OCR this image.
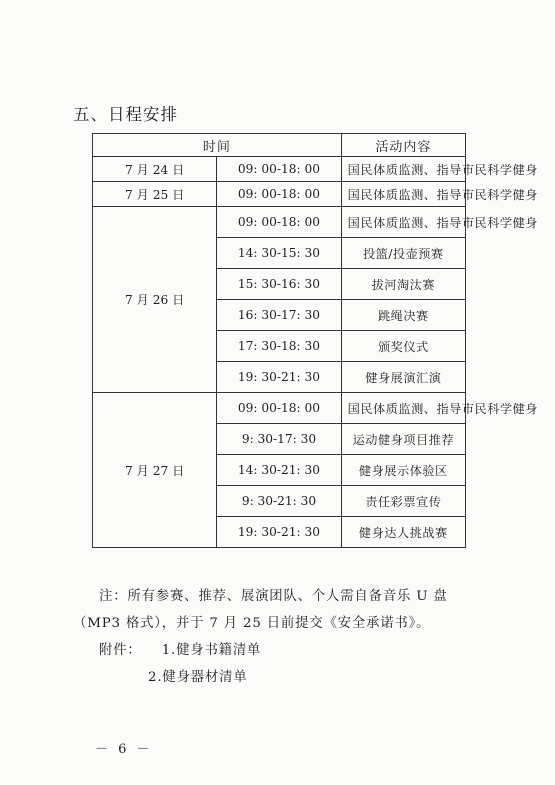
五、日程安排
时间		活动内容
7 月 24 日	09: 00-18: 00	国民体质监测、指导市民科学健身
7 月 25 日	09: 00-18: 00	国民体质监测、指导市民科学健身
7 月 26 日	09: 00-18: 00	国民体质监测、指导市民科学健身
	14: 30-15: 30	投篮/投壶预赛
	15: 30-16: 30	拔河淘汰赛
	16: 30-17: 30	跳绳决赛
	17: 30-18: 30	颁奖仪式
	19: 30-21: 30	健身展演汇演
7 月 27 日	09: 00-18: 00	国民体质监测、指导市民科学健身
	9: 30-17: 30	运动健身项目推荐
	14: 30-21: 30	健身展示体验区
	9: 30-21: 30	责任彩票宣传
	19: 30-21: 30	健身达人挑战赛
注：所有参赛、推荐、展演团队、个人需自备音乐 U 盘（MP3 格式），并于 7 月 25 日前提交《安全承诺书》。
附件： 1.健身书籍清单
2.健身器材清单
－ 6 －
